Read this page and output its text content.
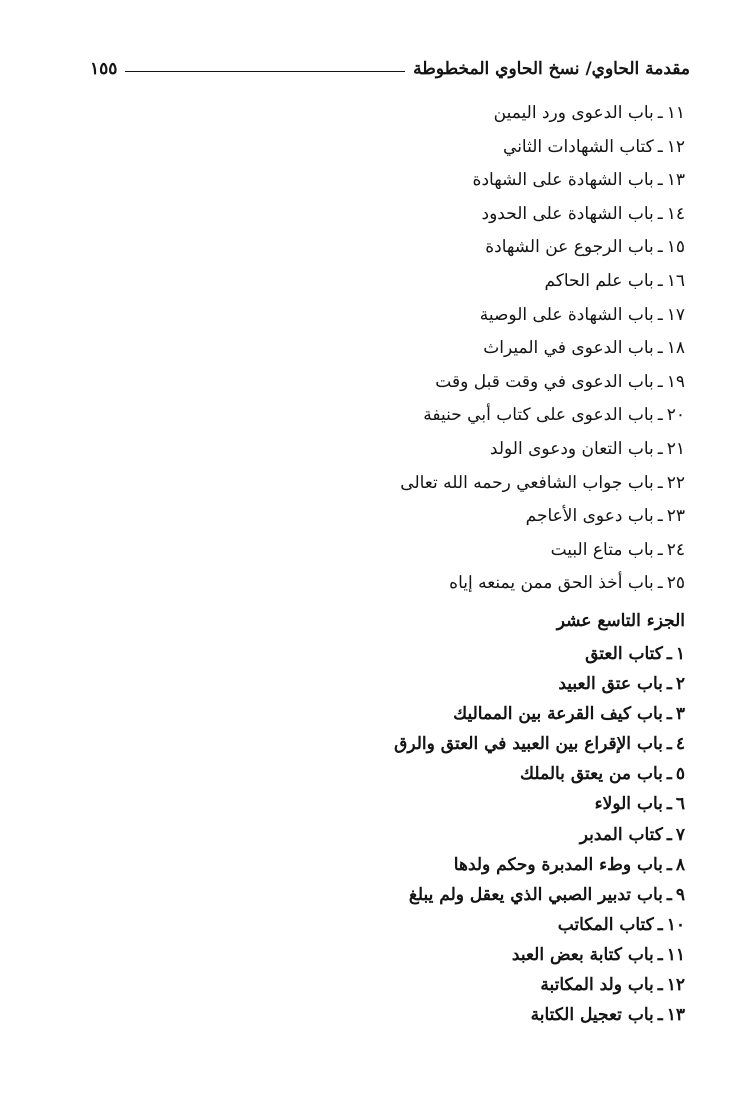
مقدمة الحاوي/ نسخ الحاوي المخطوطة
١٥٥
١١ـباب الدعوى ورد اليمين
١٢ـكتاب الشهادات الثاني
١٣ـباب الشهادة على الشهادة
١٤ـباب الشهادة على الحدود
١٥ـباب الرجوع عن الشهادة
١٦ـباب علم الحاكم
١٧ـباب الشهادة على الوصية
١٨ـباب الدعوى في الميراث
١٩ـباب الدعوى في وقت قبل وقت
٢٠ـباب الدعوى على كتاب أبي حنيفة
٢١ـباب التعان ودعوى الولد
٢٢ـباب جواب الشافعي رحمه الله تعالى
٢٣ـباب دعوى الأعاجم
٢٤ـباب متاع البيت
٢٥ـباب أخذ الحق ممن يمنعه إياه
الجزء التاسع عشر
١ـكتاب العتق
٢ـباب عتق العبيد
٣ـباب كيف القرعة بين المماليك
٤ـباب الإقراع بين العبيد في العتق والرق
٥ـباب من يعتق بالملك
٦ـباب الولاء
٧ـكتاب المدبر
٨ـباب وطء المدبرة وحكم ولدها
٩ـباب تدبير الصبي الذي يعقل ولم يبلغ
١٠ـكتاب المكاتب
١١ـباب كتابة بعض العبد
١٢ـباب ولد المكاتبة
١٣ـباب تعجيل الكتابة
